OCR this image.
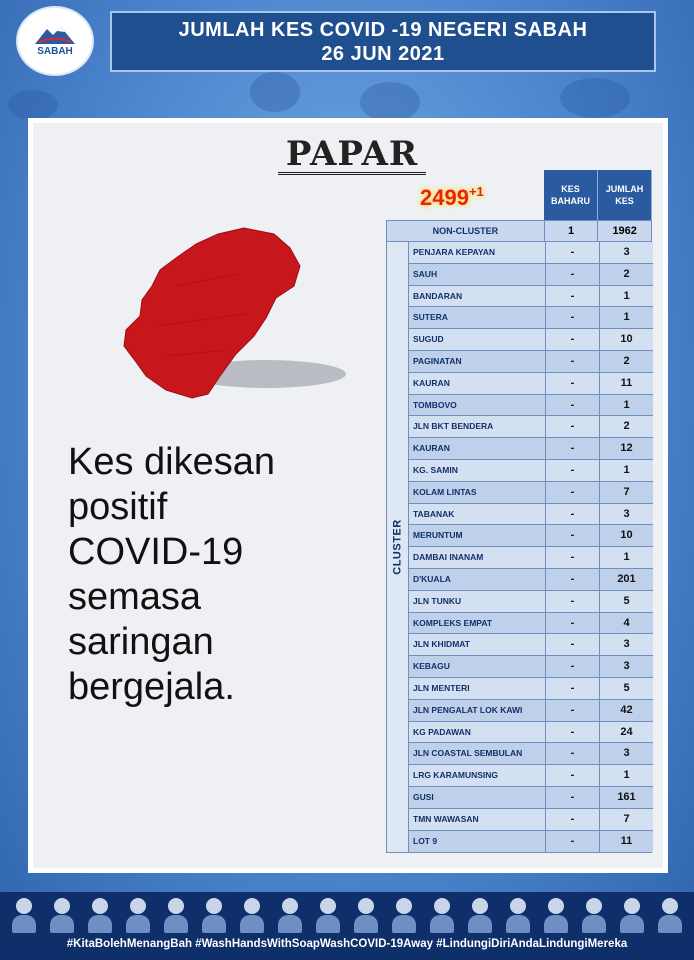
SABAH
JUMLAH KES COVID -19 NEGERI SABAH
26 JUN 2021
PAPAR
$2499^{+1}$
Kes dikesan
positif
COVID-19
semasa
saringan
bergejala.
KES BAHARU
JUMLAH KES
NON-CLUSTER	1	1962
CLUSTER
PENJARA KEPAYAN	-	3
SAUH	-	2
BANDARAN	-	1
SUTERA	-	1
SUGUD	-	10
PAGINATAN	-	2
KAURAN	-	11
TOMBOVO	-	1
JLN BKT BENDERA	-	2
KAURAN	-	12
KG. SAMIN	-	1
KOLAM LINTAS	-	7
TABANAK	-	3
MERUNTUM	-	10
DAMBAI INANAM	-	1
D'KUALA	-	201
JLN TUNKU	-	5
KOMPLEKS EMPAT	-	4
JLN KHIDMAT	-	3
KEBAGU	-	3
JLN MENTERI	-	5
JLN PENGALAT LOK KAWI	-	42
KG PADAWAN	-	24
JLN COASTAL SEMBULAN	-	3
LRG KARAMUNSING	-	1
GUSI	-	161
TMN WAWASAN	-	7
LOT 9	-	11
#KitaBolehMenangBah #WashHandsWithSoapWashCOVID-19Away #LindungiDiriAndaLindungiMereka
